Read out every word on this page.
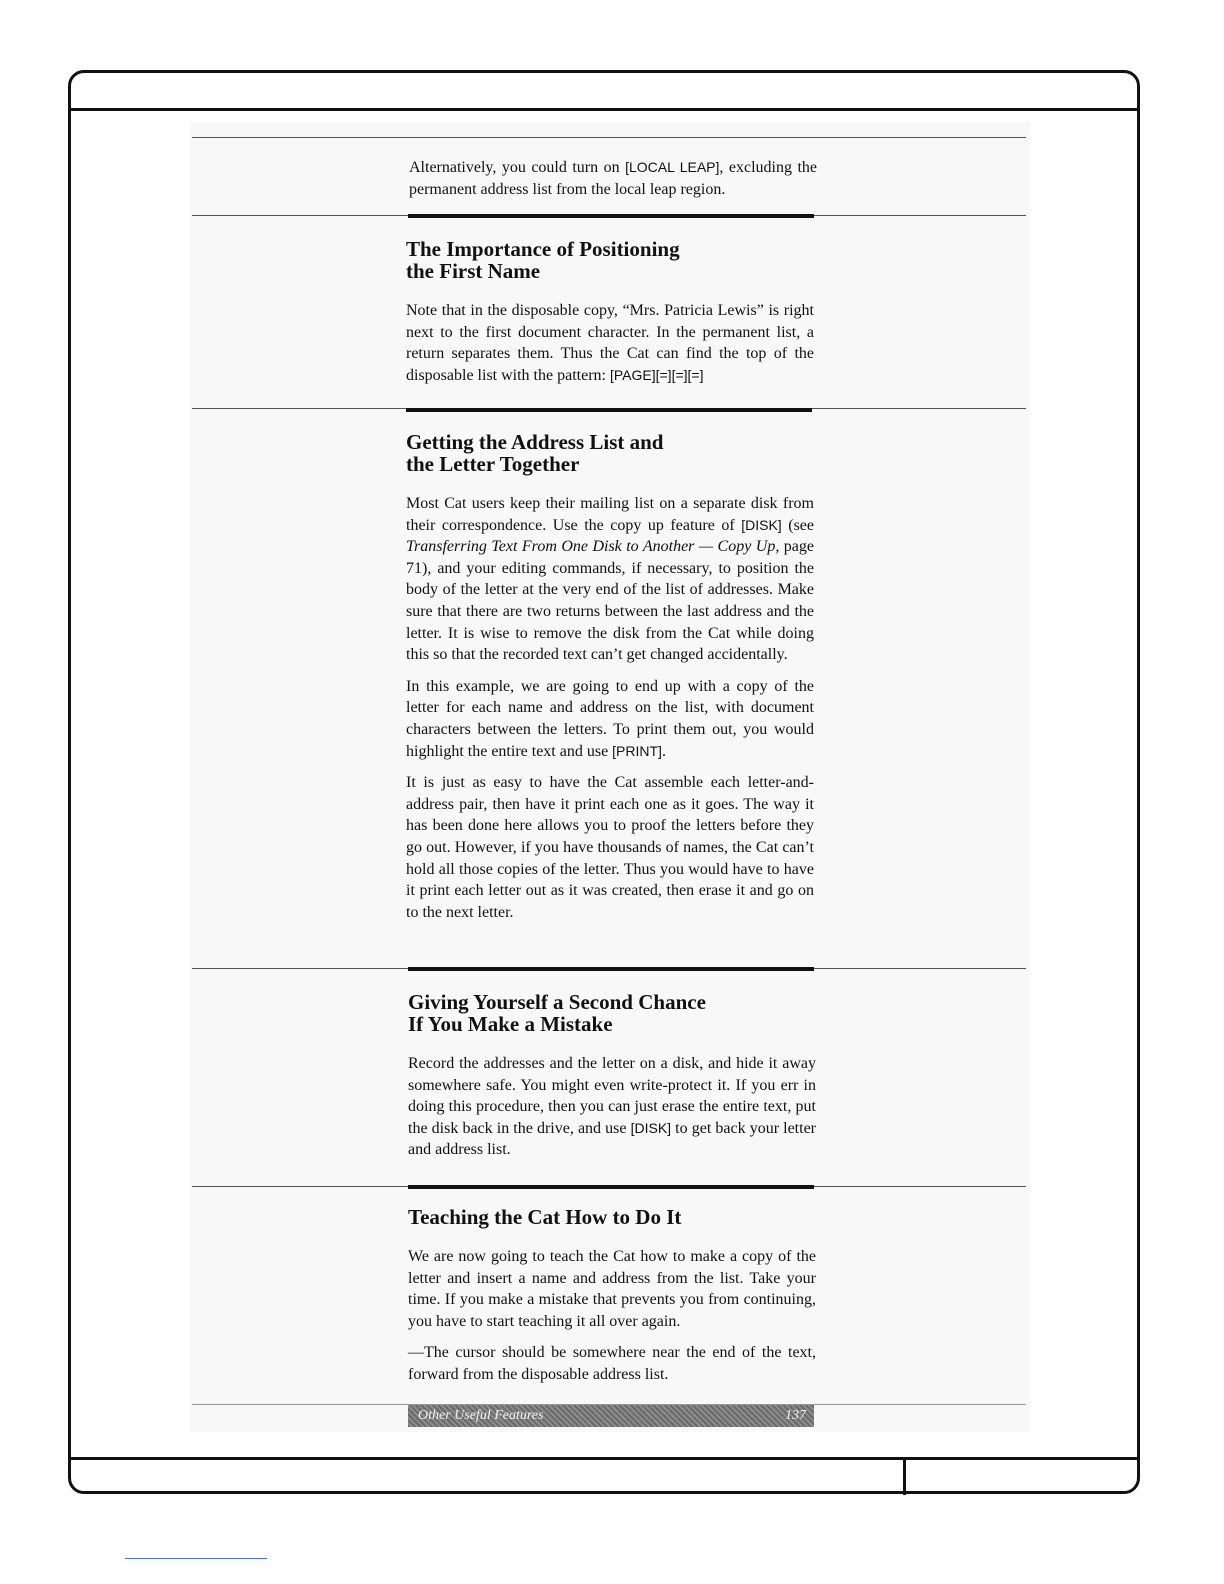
Alternatively, you could turn on [LOCAL LEAP], excluding the permanent address list from the local leap region.

The Importance of Positioning
the First Name

Note that in the disposable copy, “Mrs. Patricia Lewis” is right next to the first document character. In the permanent list, a return separates them. Thus the Cat can find the top of the disposable list with the pattern: [PAGE][=][=][=]

Getting the Address List and
the Letter Together

Most Cat users keep their mailing list on a separate disk from their correspondence. Use the copy up feature of [DISK] (see Transferring Text From One Disk to Another — Copy Up, page 71), and your editing commands, if necessary, to position the body of the letter at the very end of the list of addresses. Make sure that there are two returns between the last address and the letter. It is wise to remove the disk from the Cat while doing this so that the recorded text can’t get changed accidentally.

In this example, we are going to end up with a copy of the letter for each name and address on the list, with document characters between the letters. To print them out, you would highlight the entire text and use [PRINT].

It is just as easy to have the Cat assemble each letter-and-address pair, then have it print each one as it goes. The way it has been done here allows you to proof the letters before they go out. However, if you have thousands of names, the Cat can’t hold all those copies of the letter. Thus you would have to have it print each letter out as it was created, then erase it and go on to the next letter.

Giving Yourself a Second Chance
If You Make a Mistake

Record the addresses and the letter on a disk, and hide it away somewhere safe. You might even write-protect it. If you err in doing this procedure, then you can just erase the entire text, put the disk back in the drive, and use [DISK] to get back your letter and address list.

Teaching the Cat How to Do It

We are now going to teach the Cat how to make a copy of the letter and insert a name and address from the list. Take your time. If you make a mistake that prevents you from continuing, you have to start teaching it all over again.

—The cursor should be somewhere near the end of the text, forward from the disposable address list.

Other Useful Features	137
